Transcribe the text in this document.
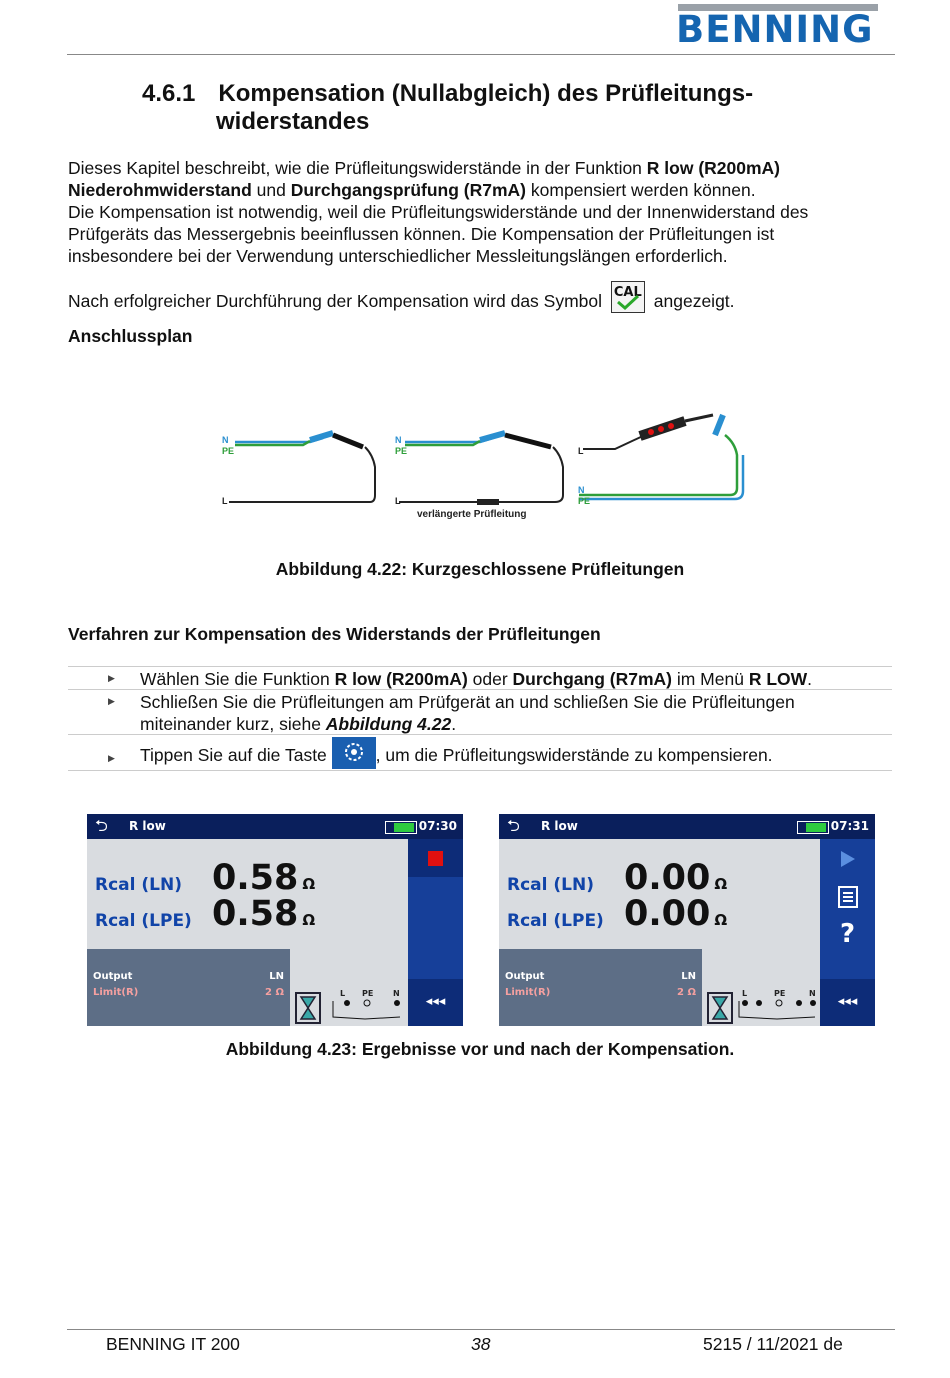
BENNING
4.6.1 Kompensation (Nullabgleich) des Prüfleitungs-
widerstandes
Dieses Kapitel beschreibt, wie die Prüfleitungswiderstände in der Funktion R low (R200mA)
Niederohmwiderstand und Durchgangsprüfung (R7mA) kompensiert werden können.
Die Kompensation ist notwendig, weil die Prüfleitungswiderstände und der Innenwiderstand des
Prüfgeräts das Messergebnis beeinflussen können. Die Kompensation der Prüfleitungen ist
insbesondere bei der Verwendung unterschiedlicher Messleitungslängen erforderlich.
Nach erfolgreicher Durchführung der Kompensation wird das Symbol CAL angezeigt.
Anschlussplan
N
PE
L
N
PE
L
verlängerte Prüfleitung
L
N
PE
Abbildung 4.22: Kurzgeschlossene Prüfleitungen
Verfahren zur Kompensation des Widerstands der Prüfleitungen
▶ Wählen Sie die Funktion R low (R200mA) oder Durchgang (R7mA) im Menü R LOW.
▶ Schließen Sie die Prüfleitungen am Prüfgerät an und schließen Sie die Prüfleitungen
miteinander kurz, siehe Abbildung 4.22.
▶ Tippen Sie auf die Taste	, um die Prüfleitungswiderstände zu kompensieren.
⮌ R low	07:30
Rcal (LN) 0.58 Ω
Rcal (LPE) 0.58 Ω
Output	LN
Limit(R)	2 Ω	L PE N
◂◂◂
⮌ R low	07:31
?
Rcal (LN) 0.00 Ω
Rcal (LPE) 0.00 Ω
Output	LN
Limit(R)	2 Ω	L	PE	N
◂◂◂
Abbildung 4.23: Ergebnisse vor und nach der Kompensation.
BENNING IT 200	38	5215 / 11/2021 de
